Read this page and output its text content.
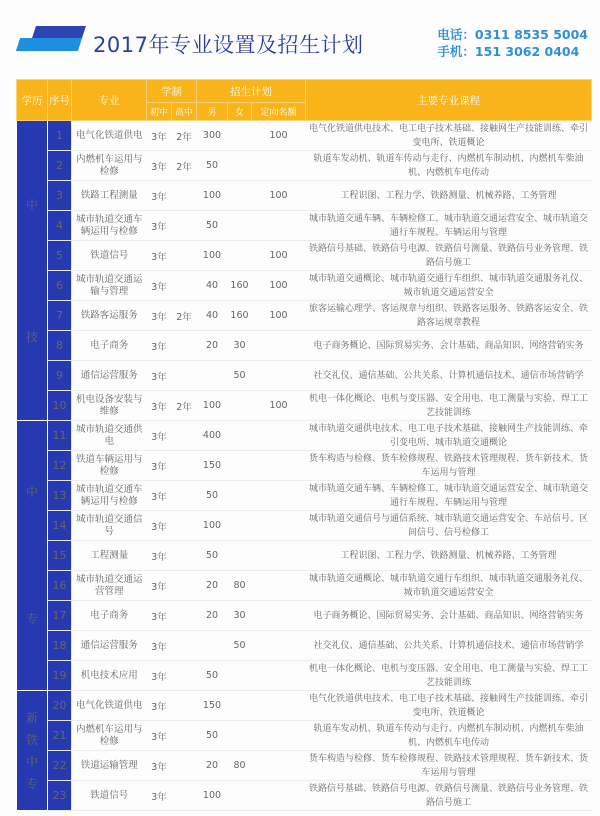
2017年专业设置及招生计划	电话：0311 8535 5004
手机：151 3062 0404
学历	序号	专业	学制		招生计划			主要专业课程
			初中	高中	男	女	定向名额	

中
技	1	电气化铁道供电	3年	2年	300		100	电气化铁道供电技术、电工电子技术基础、接触网生产技能训练、牵引变电所、铁道概论
	2	内燃机车运用与检修	3年	2年	50			轨道车发动机、轨道车传动与走行、内燃机车制动机、内燃机车柴油机、内燃机车电传动
	3	铁路工程测量	3年		100		100	工程识图、工程力学、铁路测量、机械养路、工务管理
	4	城市轨道交通车辆运用与检修	3年		50			城市轨道交通车辆、车辆检修工、城市轨道交通运营安全、城市轨道交通行车规程、车辆运用与管理
	5	铁道信号	3年		100		100	铁路信号基础、铁路信号电源、铁路信号测量、铁路信号业务管理、铁路信号施工
	6	城市轨道交通运输与管理	3年		40	160	100	城市轨道交通概论、城市轨道交通行车组织、城市轨道交通服务礼仪、城市轨道交通运营安全
	7	铁路客运服务	3年	2年	40	160	100	旅客运输心理学、客运规章与组织、铁路客运服务、铁路客运安全、铁路客运规章教程
	8	电子商务	3年		20	30		电子商务概论、国际贸易实务、会计基础、商品知识、网络营销实务
	9	通信运营服务	3年			50		社交礼仪、通信基础、公共关系、计算机通信技术、通信市场营销学
	10	机电设备安装与维修	3年	2年	100		100	机电一体化概论、电机与变压器、安全用电、电工测量与实验、焊工工艺技能训练

中
专	11	城市轨道交通供电	3年		400			城市轨道交通供电技术、电工电子技术基础、接触网生产技能训练、牵引变电所、城市轨道交通概论
	12	铁道车辆运用与检修	3年		150			货车构造与检修、货车检修规程、铁路技术管理规程、货车新技术、货车运用与管理
	13	城市轨道交通车辆运用与检修	3年		50			城市轨道交通车辆、车辆检修工、城市轨道交通运营安全、城市轨道交通行车规程、车辆运用与管理
	14	城市轨道交通信号	3年		100			城市轨道交通信号与通信系统、城市轨道交通运营安全、车站信号、区间信号、信号检修工
	15	工程测量	3年		50			工程识图、工程力学、铁路测量、机械养路、工务管理
	16	城市轨道交通运营管理	3年		20	80		城市轨道交通概论、城市轨道交通行车组织、城市轨道交通服务礼仪、城市轨道交通运营安全
	17	电子商务	3年		20	30		电子商务概论、国际贸易实务、会计基础、商品知识、网络营销实务
	18	通信运营服务	3年			50		社交礼仪、通信基础、公共关系、计算机通信技术、通信市场营销学
	19	机电技术应用	3年		50			机电一体化概论、电机与变压器、安全用电、电工测量与实验、焊工工艺技能训练

新
铁
中
专	20	电气化铁道供电	3年		150			电气化铁道供电技术、电工电子技术基础、接触网生产技能训练、牵引变电所、铁道概论
	21	内燃机车运用与检修	3年		50			轨道车发动机、轨道车传动与走行、内燃机车制动机、内燃机车柴油机、内燃机车电传动
	22	铁道运输管理	3年		20	80		货车构造与检修、货车检修规程、铁路技术管理规程、货车新技术、货车运用与管理
	23	铁道信号	3年		100			铁路信号基础、铁路信号电源、铁路信号测量、铁路信号业务管理、铁路信号施工
